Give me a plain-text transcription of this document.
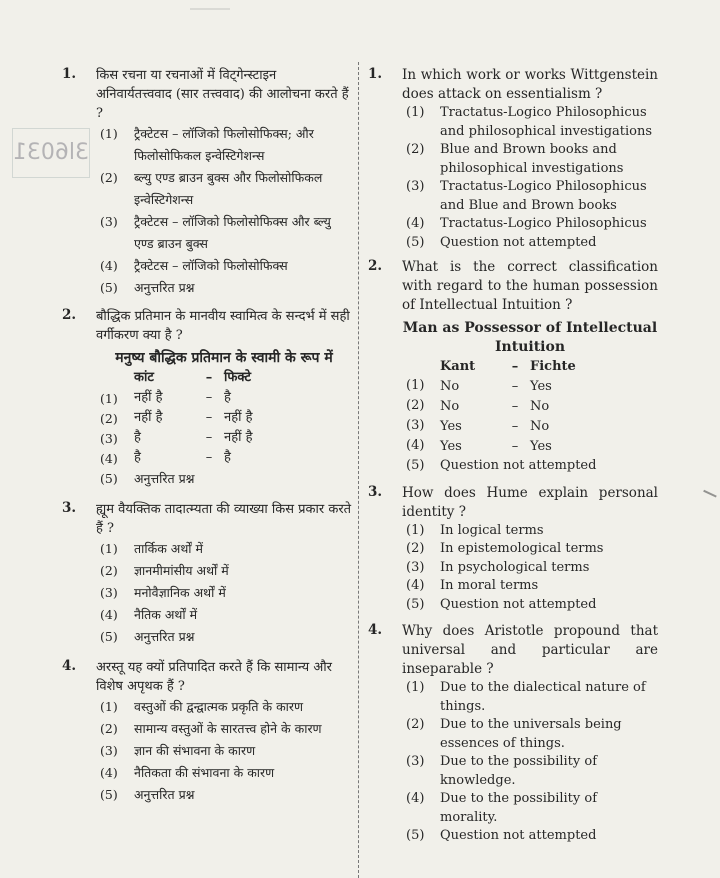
3l6031
1. किस रचना या रचनाओं में विट्गेन्स्टाइन अनिवार्यतत्त्ववाद (सार तत्त्ववाद) की आलोचना करते हैं ?
(1) ट्रैक्टेटस – लॉजिको फिलोसोफिक्स; और फिलोसोफिकल इन्वेस्टिगेशन्स
(2) ब्ल्यु एण्ड ब्राउन बुक्स और फिलोसोफिकल इन्वेस्टिगेशन्स
(3) ट्रैक्टेटस – लॉजिको फिलोसोफिक्स और ब्ल्यु एण्ड ब्राउन बुक्स
(4) ट्रैक्टेटस – लॉजिको फिलोसोफिक्स
(5) अनुत्तरित प्रश्न
2. बौद्धिक प्रतिमान के मानवीय स्वामित्व के सन्दर्भ में सही वर्गीकरण क्या है ?
मनुष्य बौद्धिक प्रतिमान के स्वामी के रूप में
कांट	– फिक्टे
(1) नहीं है	– है
(2) नहीं है	– नहीं है
(3) है	– नहीं है
(4) है	– है
(5) अनुत्तरित प्रश्न
3. ह्यूम वैयक्तिक तादात्म्यता की व्याख्या किस प्रकार करते हैं ?
(1) तार्किक अर्थों में
(2) ज्ञानमीमांसीय अर्थों में
(3) मनोवैज्ञानिक अर्थों में
(4) नैतिक अर्थों में
(5) अनुत्तरित प्रश्न
4. अरस्तू यह क्यों प्रतिपादित करते हैं कि सामान्य और विशेष अपृथक हैं ?
(1) वस्तुओं की द्वन्द्वात्मक प्रकृति के कारण
(2) सामान्य वस्तुओं के सारतत्त्व होने के कारण
(3) ज्ञान की संभावना के कारण
(4) नैतिकता की संभावना के कारण
(5) अनुत्तरित प्रश्न
1. In which work or works Wittgenstein does attack on essentialism ?
(1) Tractatus-Logico Philosophicus and philosophical investigations
(2) Blue and Brown books and philosophical investigations
(3) Tractatus-Logico Philosophicus and Blue and Brown books
(4) Tractatus-Logico Philosophicus
(5) Question not attempted
2. What is the correct classification with regard to the human possession of Intellectual Intuition ?
Man as Possessor of Intellectual Intuition
Kant	– Fichte
(1) No	– Yes
(2) No	– No
(3) Yes	– No
(4) Yes	– Yes
(5) Question not attempted
3. How does Hume explain personal identity ?
(1) In logical terms
(2) In epistemological terms
(3) In psychological terms
(4) In moral terms
(5) Question not attempted
4. Why does Aristotle propound that universal and particular are inseparable ?
(1) Due to the dialectical nature of things.
(2) Due to the universals being essences of things.
(3) Due to the possibility of knowledge.
(4) Due to the possibility of morality.
(5) Question not attempted
